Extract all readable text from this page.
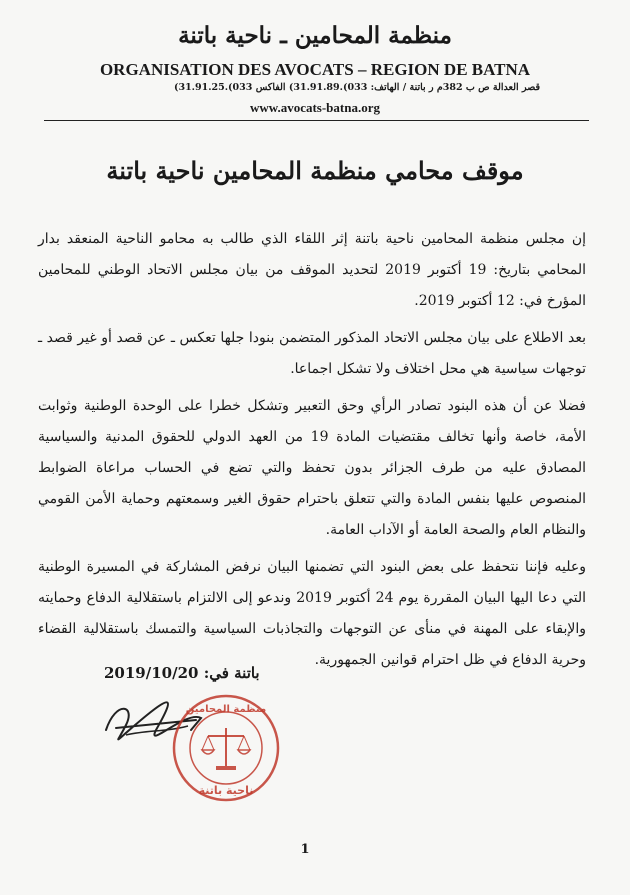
منظمة المحامين ـ ناحية باتنة
ORGANISATION DES AVOCATS – REGION DE BATNA
قصر العدالة ص ب 382م ر باتنة / الهاتف: 033).31.91.89) الفاكس 033).31.91.25)
www.avocats-batna.org
موقف محامي منظمة المحامين ناحية باتنة

إن مجلس منظمة المحامين ناحية باتنة إثر اللقاء الذي طالب به محامو الناحية المنعقد بدار المحامي بتاريخ: 19 أكتوبر 2019 لتحديد الموقف من بيان مجلس الاتحاد الوطني للمحامين المؤرخ في: 12 أكتوبر 2019.

بعد الاطلاع على بيان مجلس الاتحاد المذكور المتضمن بنودا جلها تعكس ـ عن قصد أو غير قصد ـ توجهات سياسية هي محل اختلاف ولا تشكل اجماعا.

فضلا عن أن هذه البنود تصادر الرأي وحق التعبير وتشكل خطرا على الوحدة الوطنية وثوابت الأمة، خاصة وأنها تخالف مقتضيات المادة 19 من العهد الدولي للحقوق المدنية والسياسية المصادق عليه من طرف الجزائر بدون تحفظ والتي تضع في الحساب مراعاة الضوابط المنصوص عليها بنفس المادة والتي تتعلق باحترام حقوق الغير وسمعتهم وحماية الأمن القومي والنظام العام والصحة العامة أو الآداب العامة.

وعليه فإننا نتحفظ على بعض البنود التي تضمنها البيان نرفض المشاركة في المسيرة الوطنية التي دعا اليها البيان المقررة يوم 24 أكتوبر 2019 وندعو إلى الالتزام باستقلالية الدفاع وحمايته والإبقاء على المهنة في منأى عن التوجهات والتجاذبات السياسية والتمسك باستقلالية القضاء وحرية الدفاع في ظل احترام قوانين الجمهورية.

باتنة في: 2019/10/20
منظمة المحامين
ناحية باتنة
1
